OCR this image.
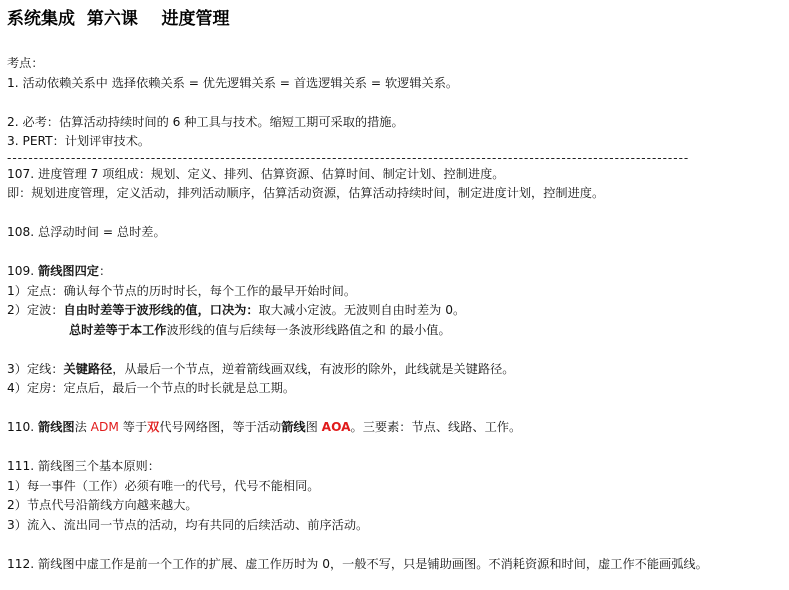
系统集成  第六课    进度管理
考点：
1. 活动依赖关系中 选择依赖关系 = 优先逻辑关系 = 首选逻辑关系 = 软逻辑关系。
2. 必考：估算活动持续时间的 6 种工具与技术。缩短工期可采取的措施。
3. PERT：计划评审技术。
--------------------------------------------------------------------------------------------------------------------------------
107. 进度管理 7 项组成：规划、定义、排列、估算资源、估算时间、制定计划、控制进度。
即：规划进度管理，定义活动，排列活动顺序，估算活动资源，估算活动持续时间，制定进度计划，控制进度。
108. 总浮动时间 = 总时差。
109. 箭线图四定：
1）定点：确认每个节点的历时时长，每个工作的最早开始时间。
2）定波：自由时差等于波形线的值，口决为：取大减小定波。无波则自由时差为 0。
总时差等于本工作波形线的值与后续每一条波形线路值之和 的最小值。
3）定线：关键路径，从最后一个节点，逆着箭线画双线，有波形的除外，此线就是关键路径。
4）定房：定点后，最后一个节点的时长就是总工期。
110. 箭线图法 ADM 等于双代号网络图，等于活动箭线图 AOA。三要素：节点、线路、工作。
111. 箭线图三个基本原则：
1）每一事件（工作）必须有唯一的代号，代号不能相同。
2）节点代号沿箭线方向越来越大。
3）流入、流出同一节点的活动，均有共同的后续活动、前序活动。
112. 箭线图中虚工作是前一个工作的扩展、虚工作历时为 0，一般不写，只是铺助画图。不消耗资源和时间，虚工作不能画弧线。
